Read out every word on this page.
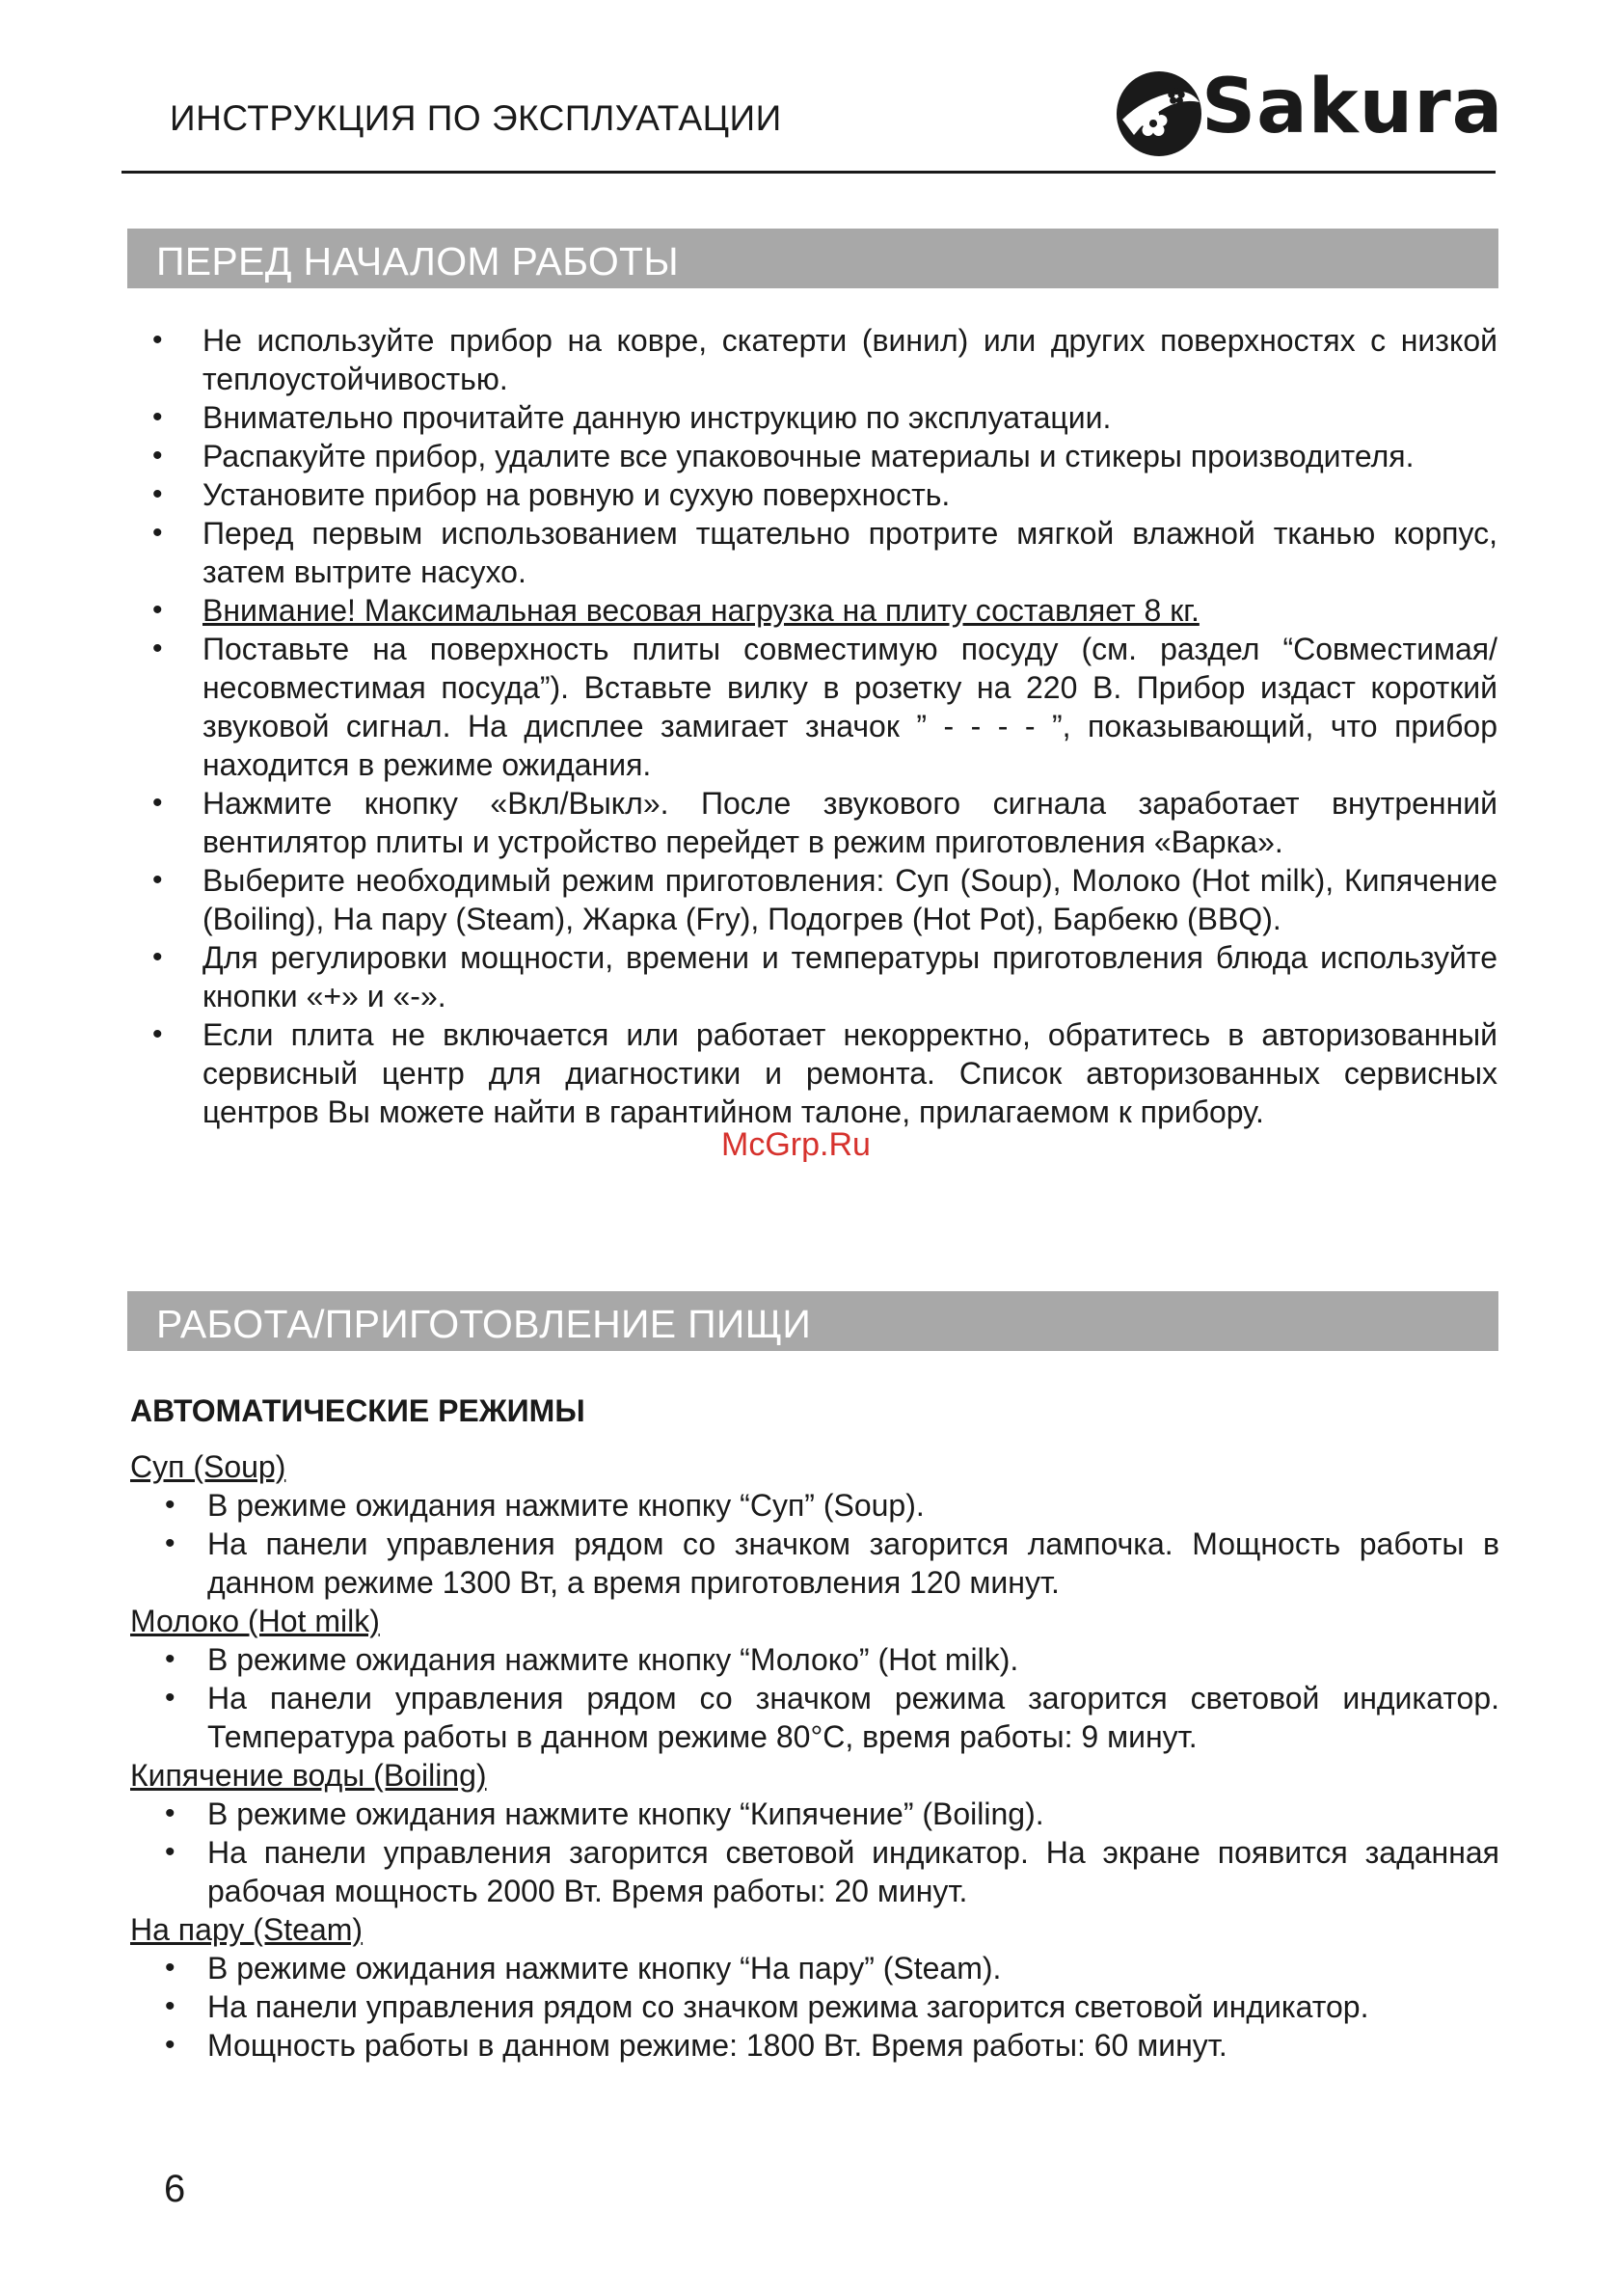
ИНСТРУКЦИЯ ПО ЭКСПЛУАТАЦИИ	Sakura
ПЕРЕД НАЧАЛОМ РАБОТЫ
• Не используйте прибор на ковре, скатерти (винил) или других поверхностях с низкой теплоустойчивостью.
• Внимательно прочитайте данную инструкцию по эксплуатации.
• Распакуйте прибор, удалите все упаковочные материалы и стикеры производителя.
• Установите прибор на ровную и сухую поверхность.
• Перед первым использованием тщательно протрите мягкой влажной тканью корпус, затем вытрите насухо.
• Внимание! Максимальная весовая нагрузка на плиту составляет 8 кг.
• Поставьте на поверхность плиты совместимую посуду (см. раздел “Совместимая/несовместимая посуда”). Вставьте вилку в розетку на 220 В. Прибор издаст короткий звуковой сигнал. На дисплее замигает значок ” - - - - ”, показывающий, что прибор находится в режиме ожидания.
• Нажмите кнопку «Вкл/Выкл». После звукового сигнала заработает внутренний вентилятор плиты и устройство перейдет в режим приготовления «Варка».
• Выберите необходимый режим приготовления: Суп (Soup), Молоко (Hot milk), Кипячение (Boiling), На пару (Steam), Жарка (Fry), Подогрев (Hot Pot), Барбекю (BBQ).
• Для регулировки мощности, времени и температуры приготовления блюда используйте кнопки «+» и «-».
• Если плита не включается или работает некорректно, обратитесь в авторизованный сервисный центр для диагностики и ремонта. Список авторизованных сервисных центров Вы можете найти в гарантийном талоне, прилагаемом к прибору.
McGrp.Ru
РАБОТА/ПРИГОТОВЛЕНИЕ ПИЩИ
АВТОМАТИЧЕСКИЕ РЕЖИМЫ

Суп (Soup)

• В режиме ожидания нажмите кнопку “Суп” (Soup).
• На панели управления рядом со значком загорится лампочка. Мощность работы в данном режиме 1300 Вт, а время приготовления 120 минут.

Молоко (Hot milk)

• В режиме ожидания нажмите кнопку “Молоко” (Hot milk).
• На панели управления рядом со значком режима загорится световой индикатор. Температура работы в данном режиме 80°С, время работы: 9 минут.

Кипячение воды (Boiling)

• В режиме ожидания нажмите кнопку “Кипячение” (Boiling).
• На панели управления загорится световой индикатор. На экране появится заданная рабочая мощность 2000 Вт. Время работы: 20 минут.

На пару (Steam)

• В режиме ожидания нажмите кнопку “На пару” (Steam).
• На панели управления рядом со значком режима загорится световой индикатор.
• Мощность работы в данном режиме: 1800 Вт. Время работы: 60 минут.
6
